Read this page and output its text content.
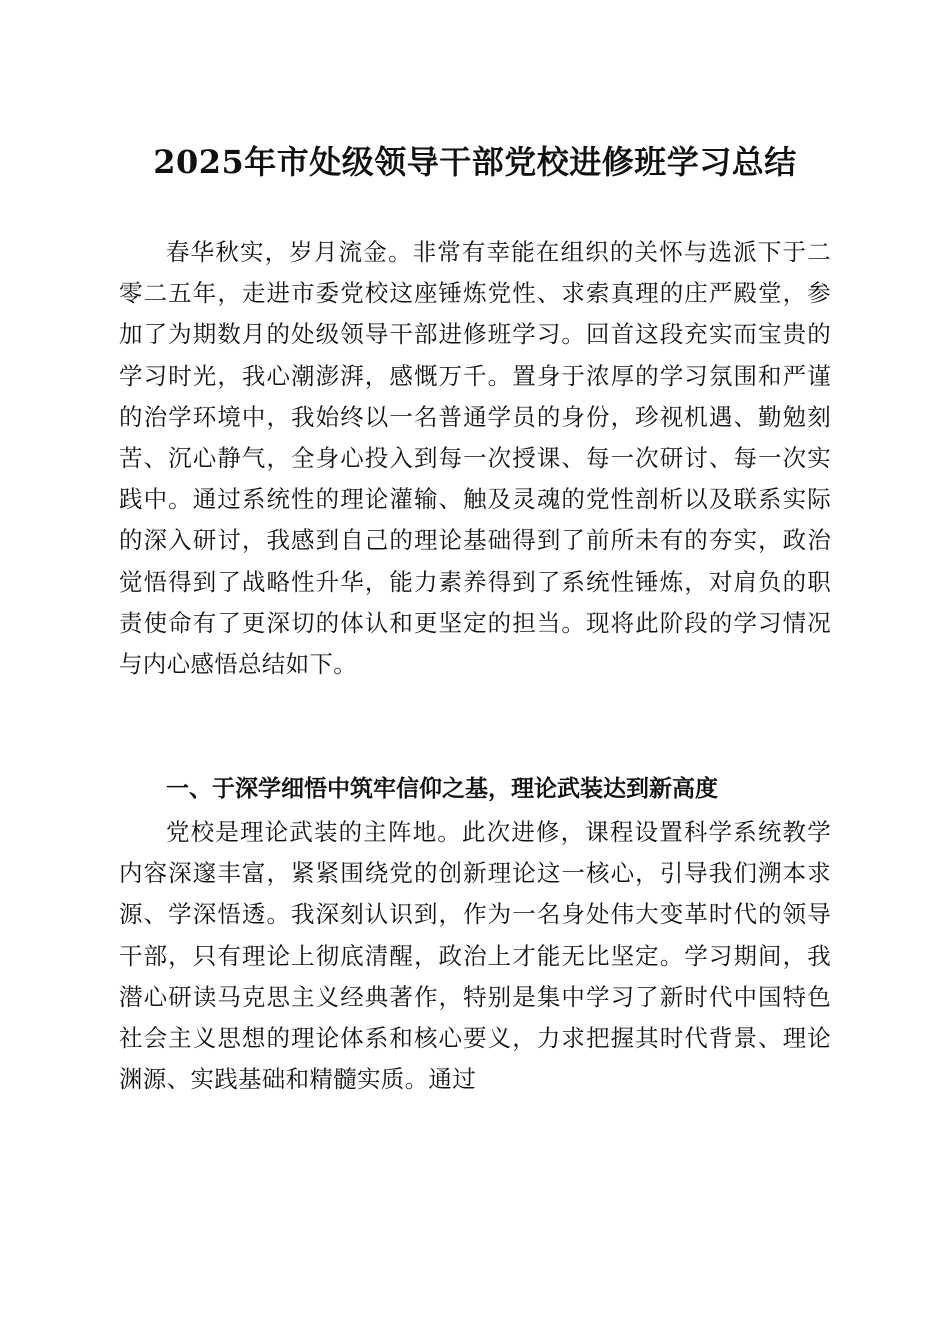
2025年市处级领导干部党校进修班学习总结

春华秋实，岁月流金。非常有幸能在组织的关怀与选派下于二零二五年，走进市委党校这座锤炼党性、求索真理的庄严殿堂，参加了为期数月的处级领导干部进修班学习。回首这段充实而宝贵的学习时光，我心潮澎湃，感慨万千。置身于浓厚的学习氛围和严谨的治学环境中，我始终以一名普通学员的身份，珍视机遇、勤勉刻苦、沉心静气，全身心投入到每一次授课、每一次研讨、每一次实践中。通过系统性的理论灌输、触及灵魂的党性剖析以及联系实际的深入研讨，我感到自己的理论基础得到了前所未有的夯实，政治觉悟得到了战略性升华，能力素养得到了系统性锤炼，对肩负的职责使命有了更深切的体认和更坚定的担当。现将此阶段的学习情况与内心感悟总结如下。

一、于深学细悟中筑牢信仰之基，理论武装达到新高度

党校是理论武装的主阵地。此次进修，课程设置科学系统教学内容深邃丰富，紧紧围绕党的创新理论这一核心，引导我们溯本求源、学深悟透。我深刻认识到，作为一名身处伟大变革时代的领导干部，只有理论上彻底清醒，政治上才能无比坚定。学习期间，我潜心研读马克思主义经典著作，特别是集中学习了新时代中国特色社会主义思想的理论体系和核心要义，力求把握其时代背景、理论渊源、实践基础和精髓实质。通过
